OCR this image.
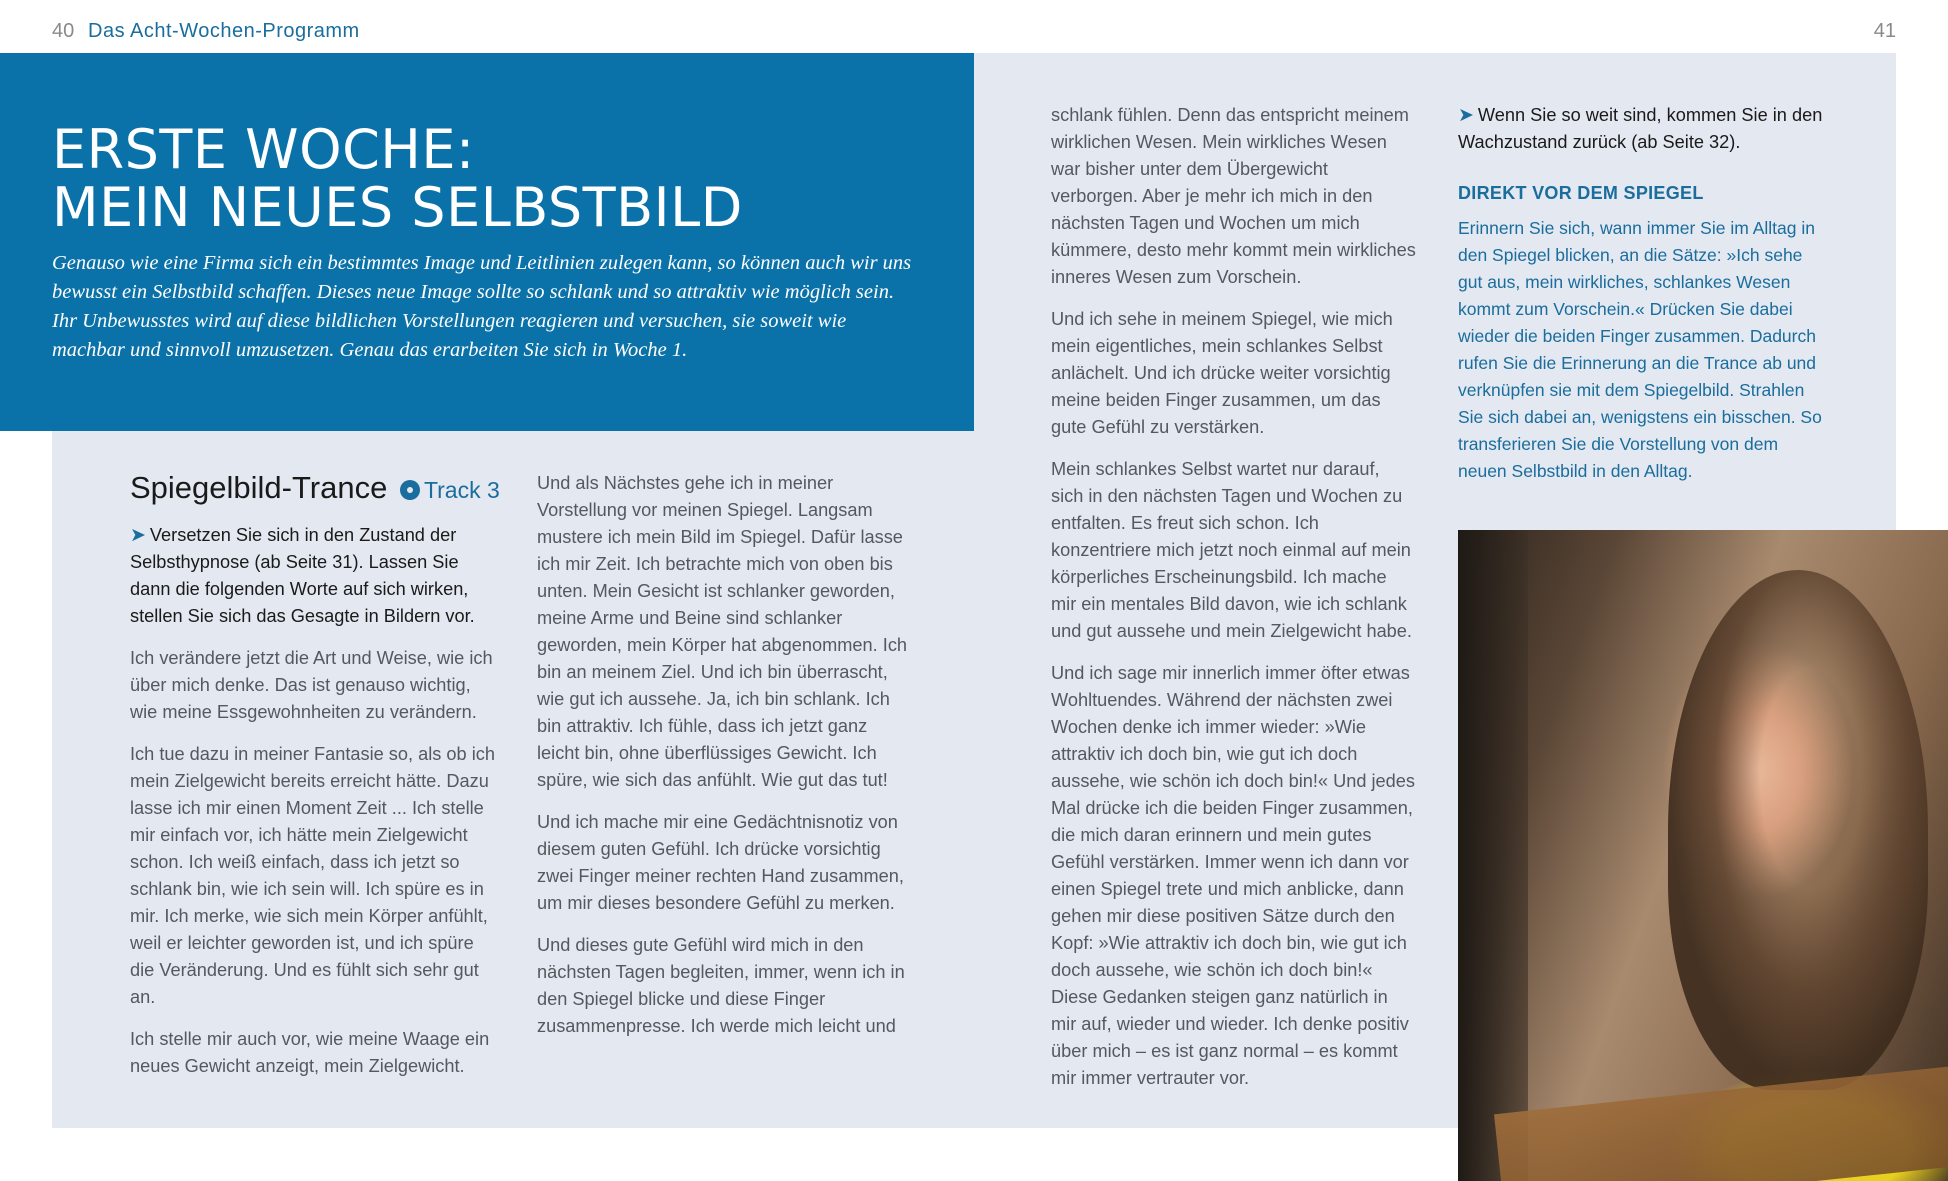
40 Das Acht-Wochen-Programm	41
ERSTE WOCHE:
MEIN NEUES SELBSTBILD

Genauso wie eine Firma sich ein bestimmtes Image und Leitlinien zulegen kann, so können auch wir uns bewusst ein Selbstbild schaffen. Dieses neue Image sollte so schlank und so attraktiv wie möglich sein. Ihr Unbewusstes wird auf diese bildlichen Vorstellungen reagieren und versuchen, sie soweit wie machbar und sinnvoll umzusetzen. Genau das erarbeiten Sie sich in Woche 1.

Spiegelbild-Trance Track 3

➤ Versetzen Sie sich in den Zustand der Selbsthypnose (ab Seite 31). Lassen Sie dann die folgenden Worte auf sich wirken, stellen Sie sich das Gesagte in Bildern vor.

Ich verändere jetzt die Art und Weise, wie ich über mich denke. Das ist genauso wichtig, wie meine Essgewohnheiten zu verändern.

Ich tue dazu in meiner Fantasie so, als ob ich mein Zielgewicht bereits erreicht hätte. Dazu lasse ich mir einen Moment Zeit ... Ich stelle mir einfach vor, ich hätte mein Zielgewicht schon. Ich weiß einfach, dass ich jetzt so schlank bin, wie ich sein will. Ich spüre es in mir. Ich merke, wie sich mein Körper anfühlt, weil er leichter geworden ist, und ich spüre die Veränderung. Und es fühlt sich sehr gut an.

Ich stelle mir auch vor, wie meine Waage ein neues Gewicht anzeigt, mein Zielgewicht.

Und als Nächstes gehe ich in meiner Vorstellung vor meinen Spiegel. Langsam mustere ich mein Bild im Spiegel. Dafür lasse ich mir Zeit. Ich betrachte mich von oben bis unten. Mein Gesicht ist schlanker geworden, meine Arme und Beine sind schlanker geworden, mein Körper hat abgenommen. Ich bin an meinem Ziel. Und ich bin überrascht, wie gut ich aussehe. Ja, ich bin schlank. Ich bin attraktiv. Ich fühle, dass ich jetzt ganz leicht bin, ohne überflüssiges Gewicht. Ich spüre, wie sich das anfühlt. Wie gut das tut!

Und ich mache mir eine Gedächtnisnotiz von diesem guten Gefühl. Ich drücke vorsichtig zwei Finger meiner rechten Hand zusammen, um mir dieses besondere Gefühl zu merken.

Und dieses gute Gefühl wird mich in den nächsten Tagen begleiten, immer, wenn ich in den Spiegel blicke und diese Finger zusammenpresse. Ich werde mich leicht und

schlank fühlen. Denn das entspricht meinem wirklichen Wesen. Mein wirkliches Wesen war bisher unter dem Übergewicht verborgen. Aber je mehr ich mich in den nächsten Tagen und Wochen um mich kümmere, desto mehr kommt mein wirkliches inneres Wesen zum Vorschein.

Und ich sehe in meinem Spiegel, wie mich mein eigentliches, mein schlankes Selbst anlächelt. Und ich drücke weiter vorsichtig meine beiden Finger zusammen, um das gute Gefühl zu verstärken.

Mein schlankes Selbst wartet nur darauf, sich in den nächsten Tagen und Wochen zu entfalten. Es freut sich schon. Ich konzentriere mich jetzt noch einmal auf mein körperliches Erscheinungsbild. Ich mache mir ein mentales Bild davon, wie ich schlank und gut aussehe und mein Zielgewicht habe.

Und ich sage mir innerlich immer öfter etwas Wohltuendes. Während der nächsten zwei Wochen denke ich immer wieder: »Wie attraktiv ich doch bin, wie gut ich doch aussehe, wie schön ich doch bin!« Und jedes Mal drücke ich die beiden Finger zusammen, die mich daran erinnern und mein gutes Gefühl verstärken. Immer wenn ich dann vor einen Spiegel trete und mich anblicke, dann gehen mir diese positiven Sätze durch den Kopf: »Wie attraktiv ich doch bin, wie gut ich doch aussehe, wie schön ich doch bin!« Diese Gedanken steigen ganz natürlich in mir auf, wieder und wieder. Ich denke positiv über mich – es ist ganz normal – es kommt mir immer vertrauter vor.

➤ Wenn Sie so weit sind, kommen Sie in den Wachzustand zurück (ab Seite 32).

DIREKT VOR DEM SPIEGEL

Erinnern Sie sich, wann immer Sie im Alltag in den Spiegel blicken, an die Sätze: »Ich sehe gut aus, mein wirkliches, schlankes Wesen kommt zum Vorschein.« Drücken Sie dabei wieder die beiden Finger zusammen. Dadurch rufen Sie die Erinnerung an die Trance ab und verknüpfen sie mit dem Spiegelbild. Strahlen Sie sich dabei an, wenigstens ein bisschen. So transferieren Sie die Vorstellung von dem neuen Selbstbild in den Alltag.
